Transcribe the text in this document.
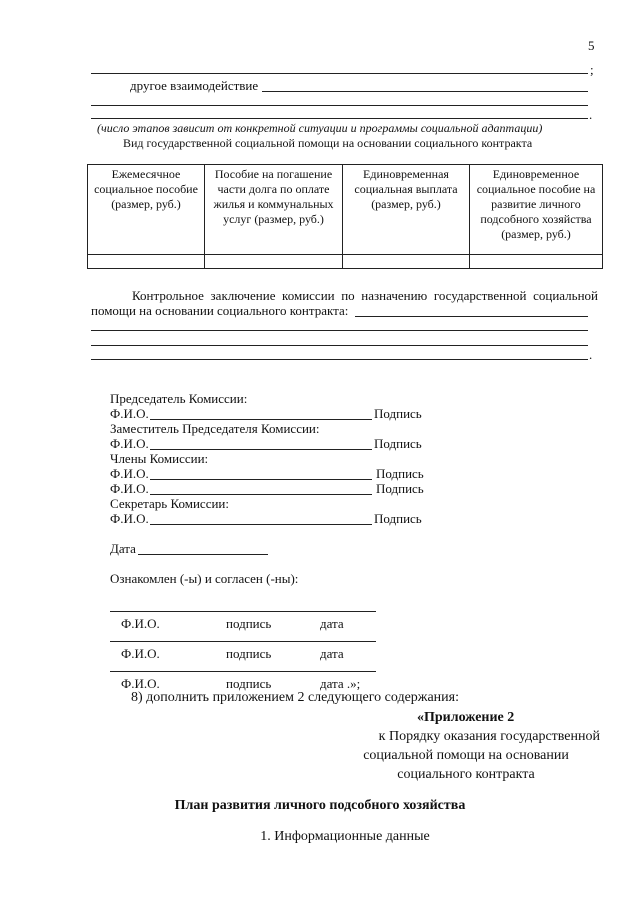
5
;
другое взаимодействие
.
(число этапов зависит от конкретной ситуации и программы социальной адаптации)
Вид государственной социальной помощи на основании социального контракта
Ежемесячное социальное пособие (размер, руб.)	Пособие на погашение части долга по оплате жилья и коммунальных услуг (размер, руб.)	Единовременная социальная выплата (размер, руб.)	Единовременное социальное пособие на развитие личного подсобного хозяйства (размер, руб.)

Контрольное заключение комиссии по назначению государственной социальной
помощи на основании социального контракта:
.
Председатель Комиссии:
Ф.И.О.	Подпись
Заместитель Председателя Комиссии:
Ф.И.О.	Подпись
Члены Комиссии:
Ф.И.О.	Подпись
Ф.И.О.	Подпись
Секретарь Комиссии:
Ф.И.О.	Подпись
Дата
Ознакомлен (-ы) и согласен (-ны):
Ф.И.О.	подпись	дата
Ф.И.О.	подпись	дата
Ф.И.О.	подпись	дата .»;
8) дополнить приложением 2 следующего содержания:
«Приложение 2
к Порядку оказания государственной
социальной помощи на основании
социального контракта
План развития личного подсобного хозяйства
1. Информационные данные
